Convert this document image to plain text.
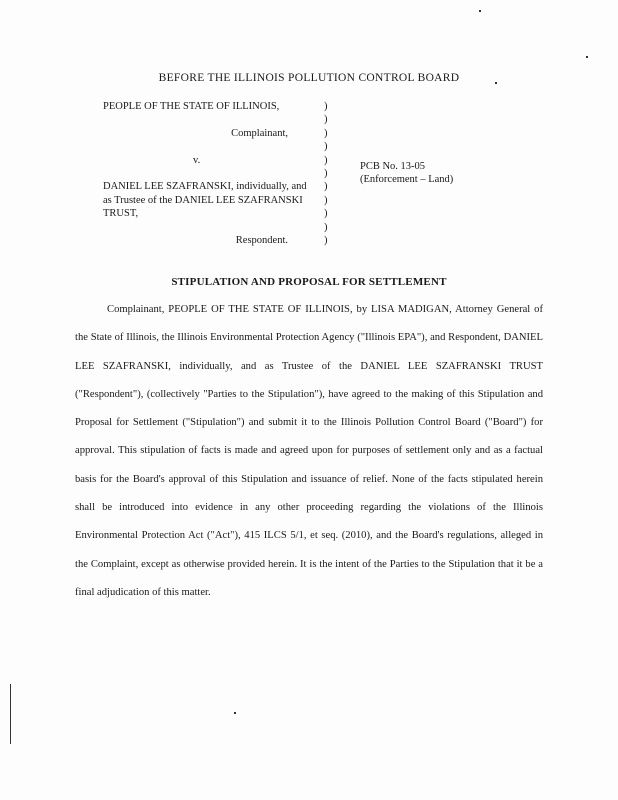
BEFORE THE ILLINOIS POLLUTION CONTROL BOARD
PEOPLE OF THE STATE OF ILLINOIS,
Complainant,
v.
DANIEL LEE SZAFRANSKI, individually, and
as Trustee of the DANIEL LEE SZAFRANSKI
TRUST,
Respondent.
)
)
)
)
)
)
)
)
)
)
)
PCB No. 13-05
(Enforcement – Land)
STIPULATION AND PROPOSAL FOR SETTLEMENT
Complainant, PEOPLE OF THE STATE OF ILLINOIS, by LISA MADIGAN, Attorney General of the State of Illinois, the Illinois Environmental Protection Agency ("Illinois EPA"), and Respondent, DANIEL LEE SZAFRANSKI, individually, and as Trustee of the DANIEL LEE SZAFRANSKI TRUST ("Respondent"), (collectively "Parties to the Stipulation"), have agreed to the making of this Stipulation and Proposal for Settlement ("Stipulation") and submit it to the Illinois Pollution Control Board ("Board") for approval. This stipulation of facts is made and agreed upon for purposes of settlement only and as a factual basis for the Board's approval of this Stipulation and issuance of relief. None of the facts stipulated herein shall be introduced into evidence in any other proceeding regarding the violations of the Illinois Environmental Protection Act ("Act"), 415 ILCS 5/1, et seq. (2010), and the Board's regulations, alleged in the Complaint, except as otherwise provided herein. It is the intent of the Parties to the Stipulation that it be a final adjudication of this matter.
